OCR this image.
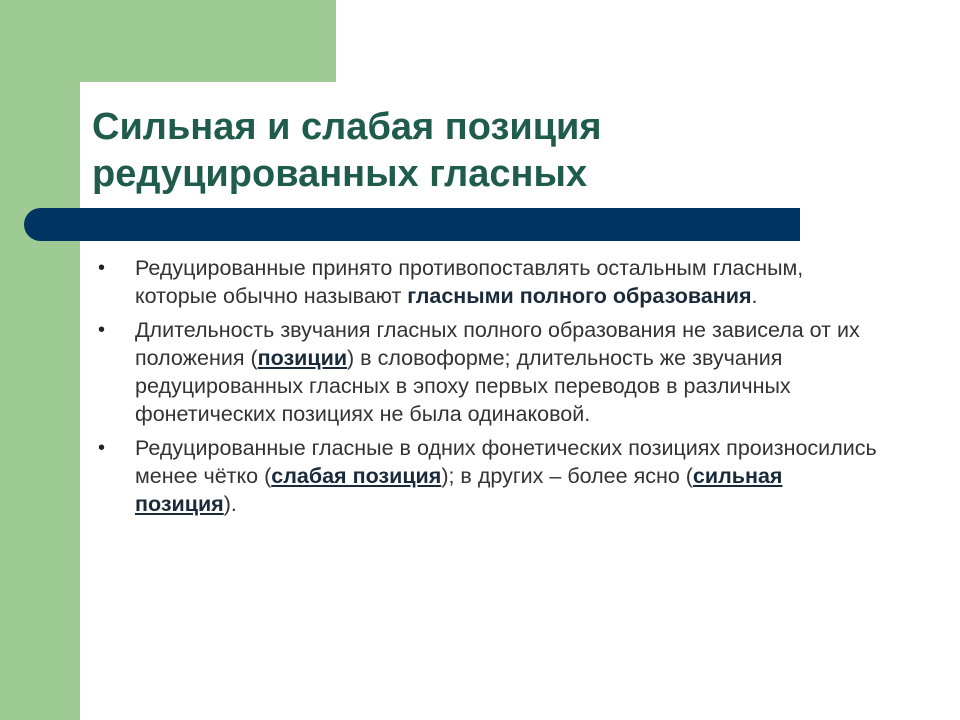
Сильная и слабая позиция
редуцированных гласных
•	Редуцированные принято противопоставлять остальным гласным, которые обычно называют гласными полного образования.
•	Длительность звучания гласных полного образования не зависела от их положения (позиции) в словоформе; длительность же звучания редуцированных гласных в эпоху первых переводов в различных фонетических позициях не была одинаковой.
•	Редуцированные гласные в одних фонетических позициях произносились менее чётко (слабая позиция); в других – более ясно (сильная позиция).
